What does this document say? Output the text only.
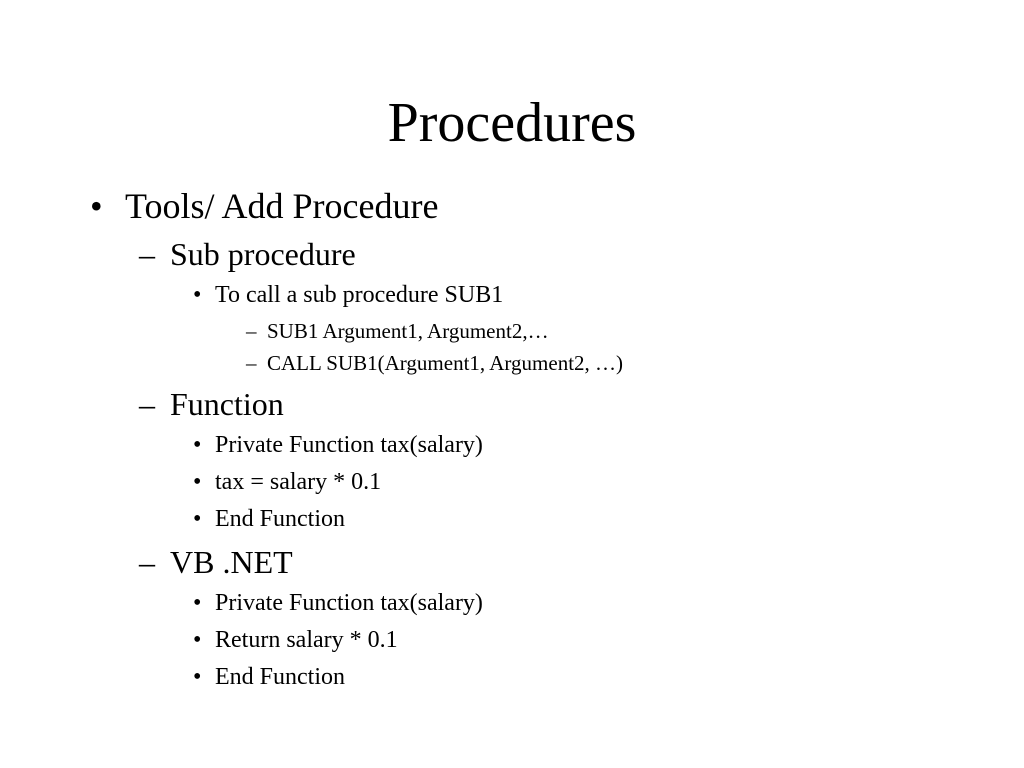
Procedures
• Tools/ Add Procedure
– Sub procedure
• To call a sub procedure SUB1
– SUB1 Argument1, Argument2,…
– CALL SUB1(Argument1, Argument2, …)
– Function
• Private Function tax(salary)
• tax = salary * 0.1
• End Function
– VB .NET
• Private Function tax(salary)
• Return salary * 0.1
• End Function
